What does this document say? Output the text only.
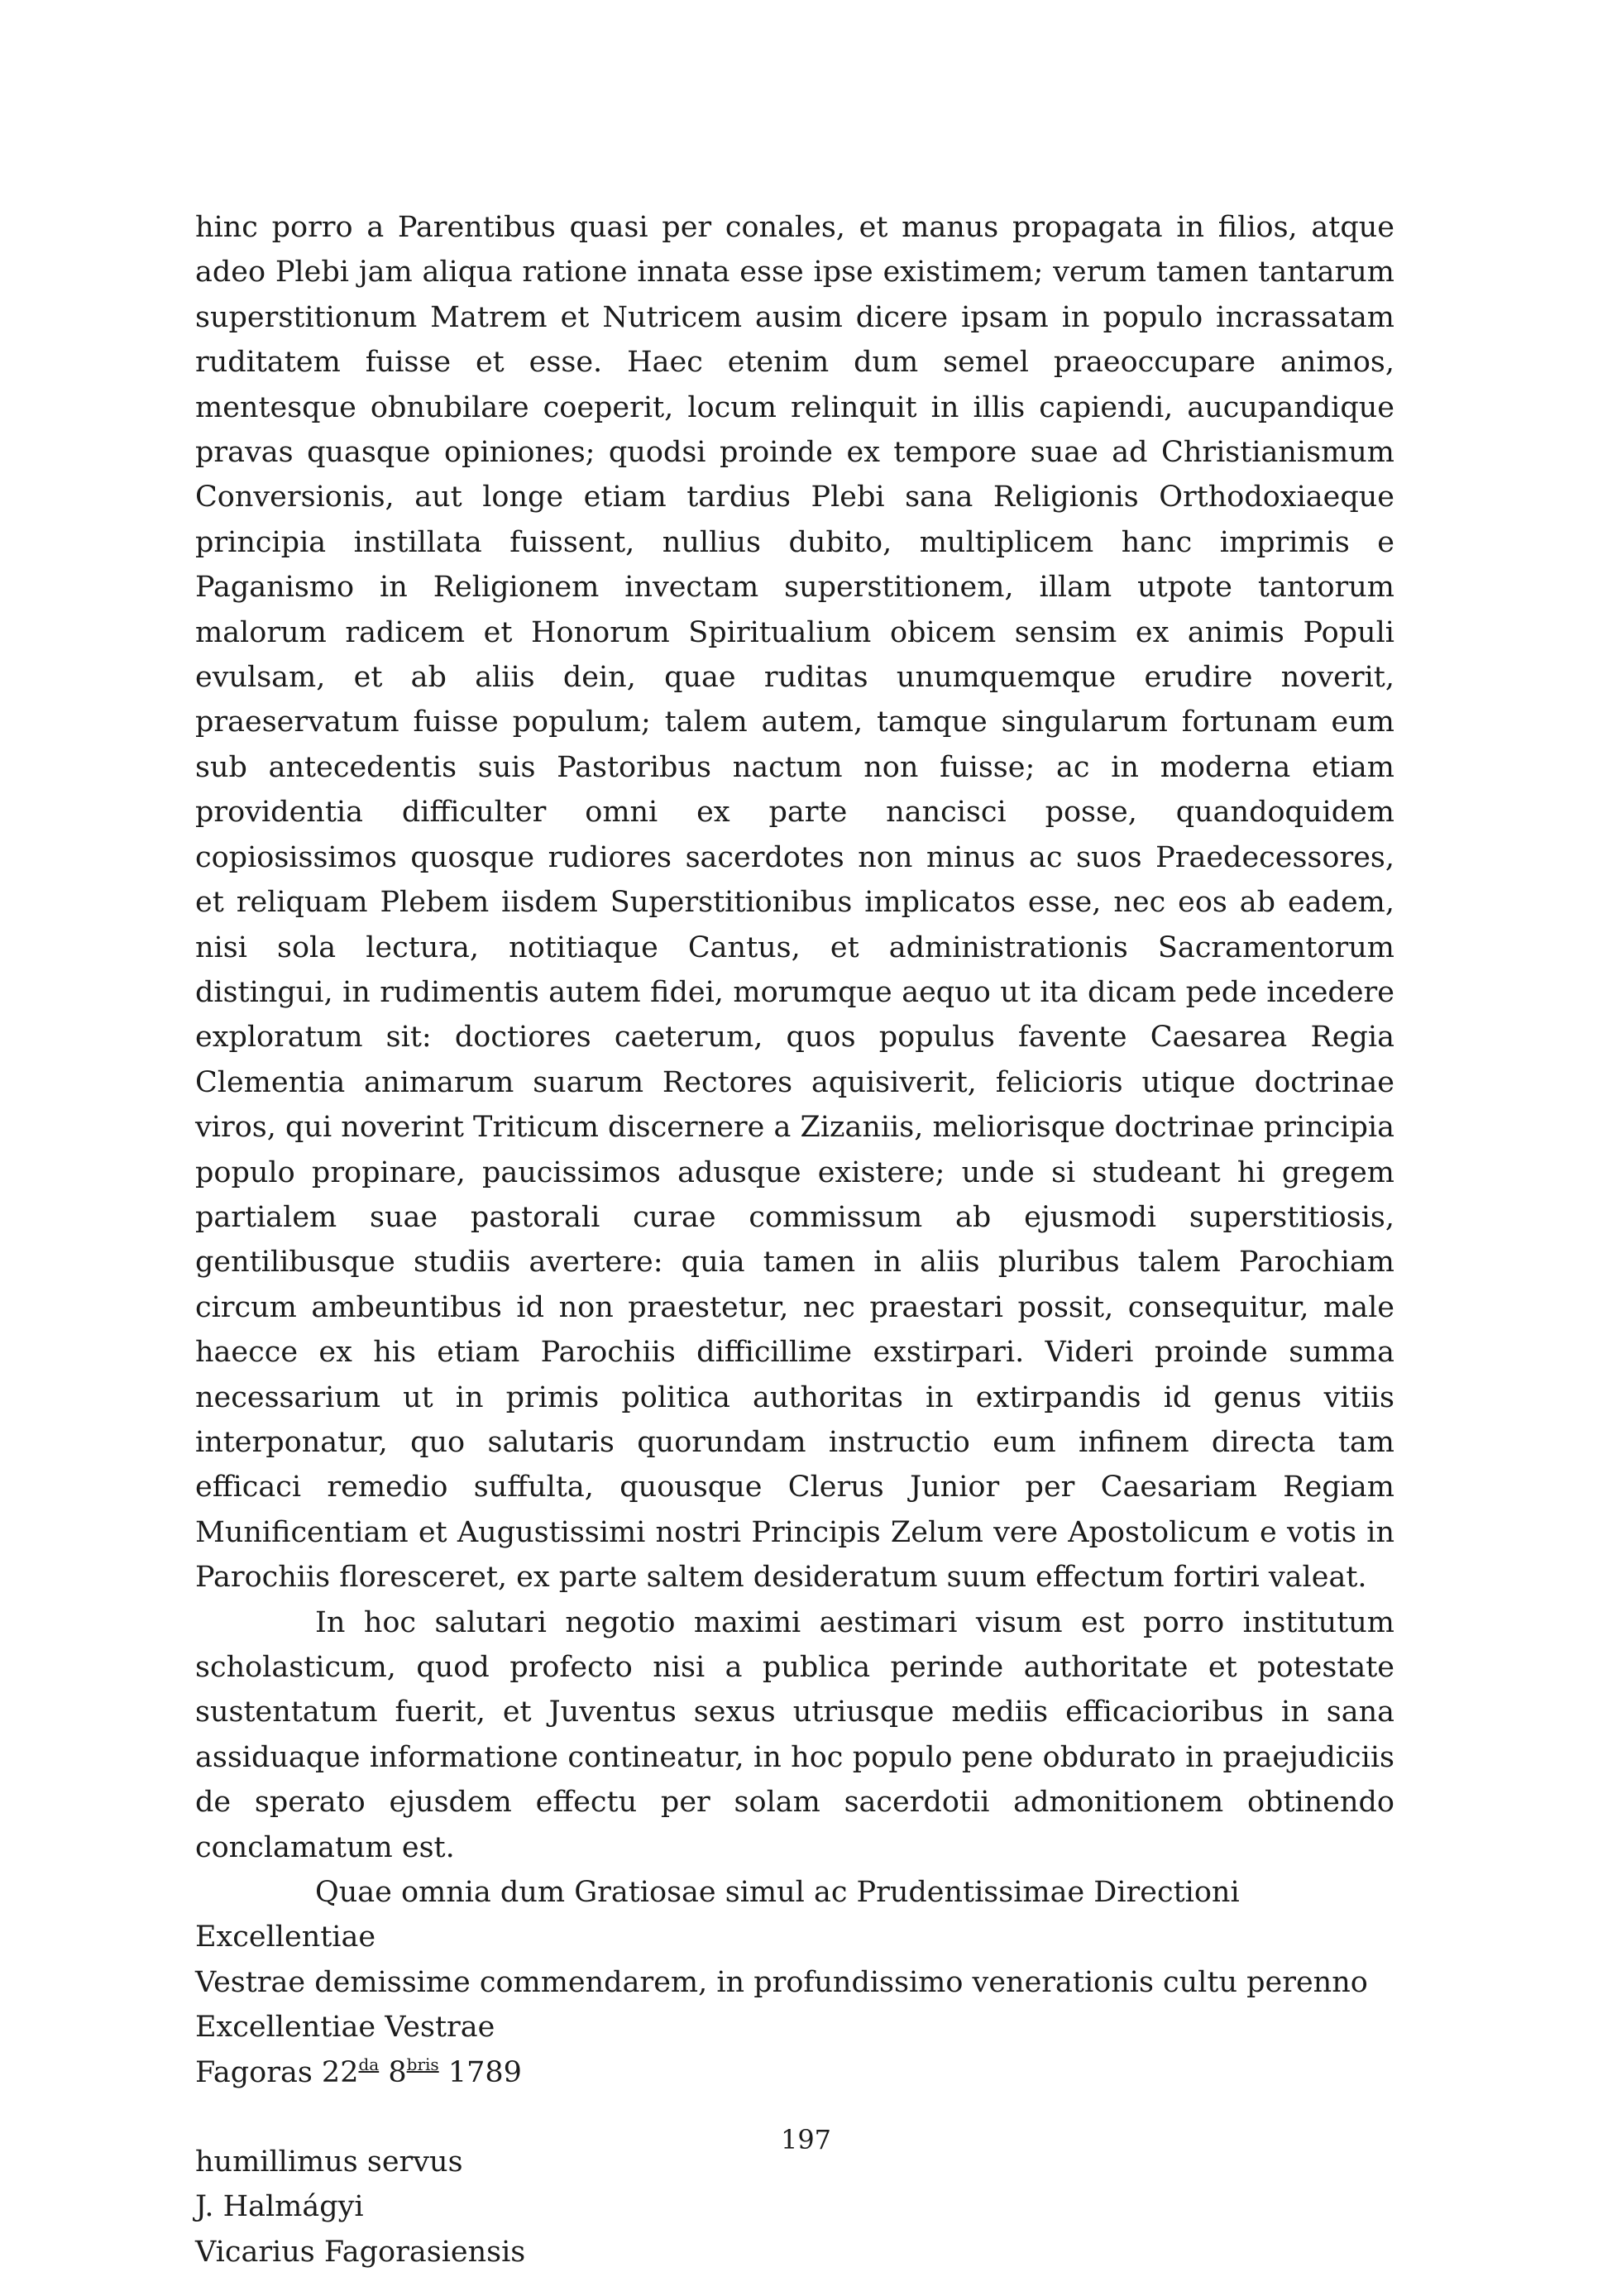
hinc porro a Parentibus quasi per conales, et manus propagata in filios, atque adeo Plebi jam aliqua ratione innata esse ipse existimem; verum tamen tantarum superstitionum Matrem et Nutricem ausim dicere ipsam in populo incrassatam ruditatem fuisse et esse. Haec etenim dum semel praeoccupare animos, mentesque obnubilare coeperit, locum relinquit in illis capiendi, aucupandique pravas quasque opiniones; quodsi proinde ex tempore suae ad Christianismum Conversionis, aut longe etiam tardius Plebi sana Religionis Orthodoxiaeque principia instillata fuissent, nullius dubito, multiplicem hanc imprimis e Paganismo in Religionem invectam superstitionem, illam utpote tantorum malorum radicem et Honorum Spiritualium obicem sensim ex animis Populi evulsam, et ab aliis dein, quae ruditas unumquemque erudire noverit, praeservatum fuisse populum; talem autem, tamque singularum fortunam eum sub antecedentis suis Pastoribus nactum non fuisse; ac in moderna etiam providentia difficulter omni ex parte nancisci posse, quandoquidem copiosissimos quosque rudiores sacerdotes non minus ac suos Praedecessores, et reliquam Plebem iisdem Superstitionibus implicatos esse, nec eos ab eadem, nisi sola lectura, notitiaque Cantus, et administrationis Sacramentorum distingui, in rudimentis autem fidei, morumque aequo ut ita dicam pede incedere exploratum sit: doctiores caeterum, quos populus favente Caesarea Regia Clementia animarum suarum Rectores aquisiverit, felicioris utique doctrinae viros, qui noverint Triticum discernere a Zizaniis, meliorisque doctrinae principia populo propinare, paucissimos adusque existere; unde si studeant hi gregem partialem suae pastorali curae commissum ab ejusmodi superstitiosis, gentilibusque studiis avertere: quia tamen in aliis pluribus talem Parochiam circum ambeuntibus id non praestetur, nec praestari possit, consequitur, male haecce ex his etiam Parochiis difficillime exstirpari. Videri proinde summa necessarium ut in primis politica authoritas in extirpandis id genus vitiis interponatur, quo salutaris quorundam instructio eum infinem directa tam efficaci remedio suffulta, quousque Clerus Junior per Caesariam Regiam Munificentiam et Augustissimi nostri Principis Zelum vere Apostolicum e votis in Parochiis floresceret, ex parte saltem desideratum suum effectum fortiri valeat.

In hoc salutari negotio maximi aestimari visum est porro institutum scholasticum, quod profecto nisi a publica perinde authoritate et potestate sustentatum fuerit, et Juventus sexus utriusque mediis efficacioribus in sana assiduaque informatione contineatur, in hoc populo pene obdurato in praejudiciis de sperato ejusdem effectu per solam sacerdotii admonitionem obtinendo conclamatum est.

Quae omnia dum Gratiosae simul ac Prudentissimae Directioni Excellentiae
Vestrae demissime commendarem, in profundissimo venerationis cultu perenno
Excellentiae Vestrae
Fagoras $22^{da}$ $8^{bris}$ 1789
humillimus servus
J. Halmágyi
Vicarius Fagorasiensis
197
